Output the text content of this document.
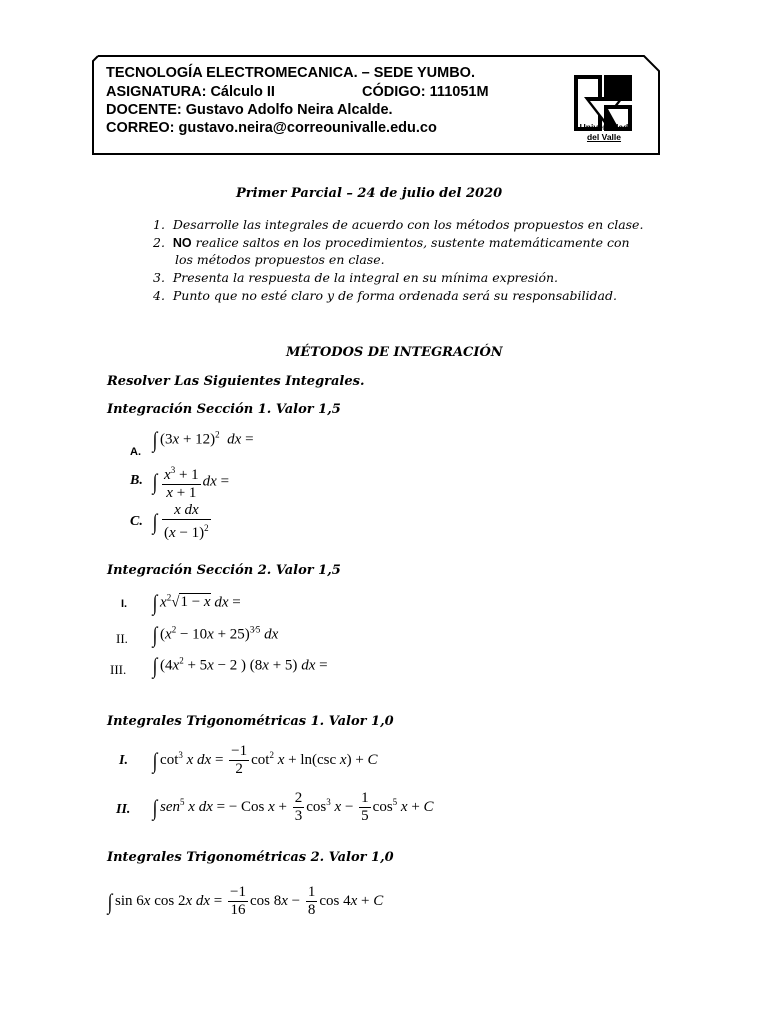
TECNOLOGÍA ELECTROMECANICA. – SEDE YUMBO.
ASIGNATURA: Cálculo II	CÓDIGO: 111051M
DOCENTE: Gustavo Adolfo Neira Alcalde.
CORREO: gustavo.neira@correounivalle.edu.co	Universidad
del Valle
Primer Parcial – 24 de julio del 2020
1. Desarrolle las integrales de acuerdo con los métodos propuestos en clase.
2. NO realice saltos en los procedimientos, sustente matemáticamente con
los métodos propuestos en clase.
3. Presenta la respuesta de la integral en su mínima expresión.
4. Punto que no esté claro y de forma ordenada será su responsabilidad.
MÉTODOS DE INTEGRACIÓN
Resolver Las Siguientes Integrales.
Integración Sección 1. Valor 1,5
A. ∫ $(3x + 12)^2$ dx =
B. ∫ $\frac{x^3 + 1}{x + 1}$ dx =
C. ∫ $\frac{\text{x dx}}{(x - 1)^2}$
Integración Sección 2. Valor 1,5
I. ∫ $x^2√1 - x$ dx =
II. ∫ $(x^2 - 10x + 25)^{3⁄5}$ dx
III. ∫ ($4x^2 + 5x - 2$ ) (8x + 5) dx =
Integrales Trigonométricas 1. Valor 1,0
I. ∫ $\cot^3 x$ dx = $\frac{-1}{2} \cot^2 x + \ln(\csc$ x) + C
II. ∫ sen$^5$ x dx = − Cos $x + \frac{2}{3} \cos^3 x - \frac{1}{5} \cos^5 x + C$
Integrales Trigonométricas 2. Valor 1,0
∫ sin 6x cos 2x dx = $\frac{-1}{16}$ $\cos 8x - \frac{1}{8}$ cos 4x + C
